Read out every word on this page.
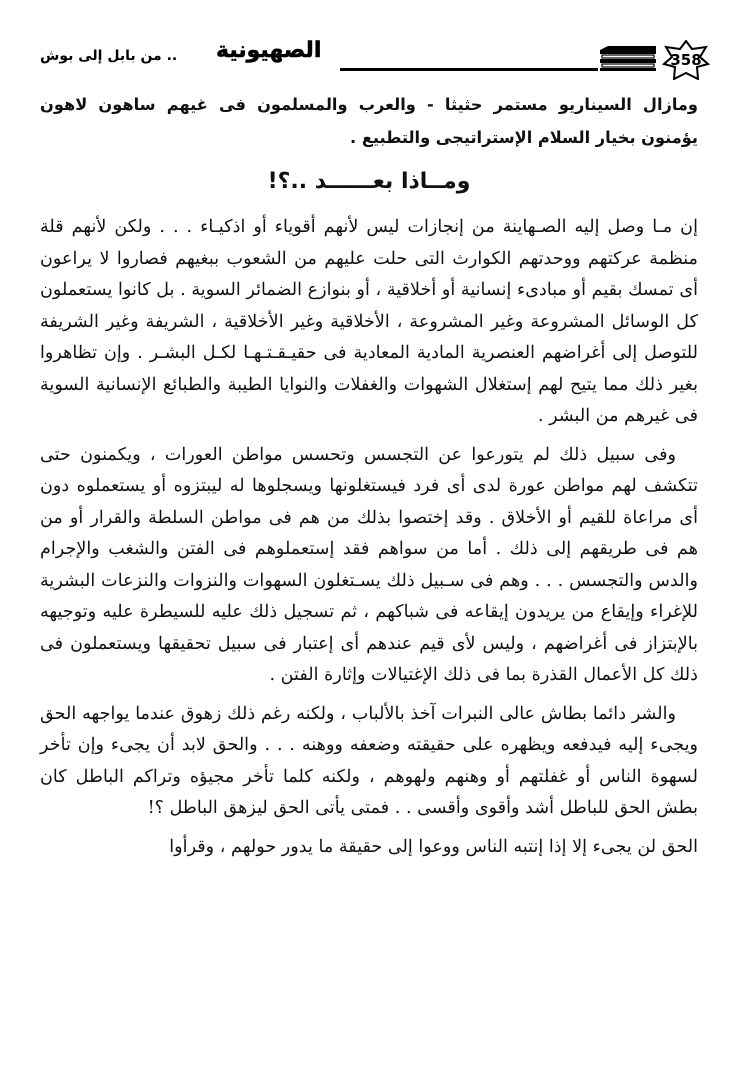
358
الصهيونية
.. من بابل إلى بوش

ومازال السيناريو مستمر حثيثا - والعرب والمسلمون فى غيهم ساهون لاهون يؤمنون بخيار السلام الإستراتيجى والتطبيع .

ومــاذا بعــــــد ..؟!

إن مـا وصل إليه الصـهاينة من إنجازات ليس لأنهم أقوياء أو اذكيـاء . . . ولكن لأنهم قلة منظمة عركتهم ووحدتهم الكوارث التى حلت عليهم من الشعوب ببغيهم فصاروا لا يراعون أى تمسك بقيم أو مبادىء إنسانية أو أخلاقية ، أو بنوازع الضمائر السوية . بل كانوا يستعملون كل الوسائل المشروعة وغير المشروعة ، الأخلاقية وغير الأخلاقية ، الشريفة وغير الشريفة للتوصل إلى أغراضهم العنصرية المادية المعادية فى حقيـقـتـهـا لكـل البشـر . وإن تظاهروا بغير ذلك مما يتيح لهم إستغلال الشهوات والغفلات والنوايا الطيبة والطبائع الإنسانية السوية فى غيرهم من البشر .

وفى سبيل ذلك لم يتورعوا عن التجسس وتحسس مواطن العورات ، ويكمنون حتى تتكشف لهم مواطن عورة لدى أى فرد فيستغلونها ويسجلوها له ليبتزوه أو يستعملوه دون أى مراعاة للقيم أو الأخلاق . وقد إختصوا بذلك من هم فى مواطن السلطة والقرار أو من هم فى طريقهم إلى ذلك . أما من سواهم فقد إستعملوهم فى الفتن والشغب والإجرام والدس والتجسس . . . وهم فى سـبيل ذلك يسـتغلون السهوات والنزوات والنزعات البشرية للإغراء وإيقاع من يريدون إيقاعه فى شباكهم ، ثم تسجيل ذلك عليه للسيطرة عليه وتوجيهه بالإبتزاز فى أغراضهم ، وليس لأى قيم عندهم أى إعتبار فى سبيل تحقيقها ويستعملون فى ذلك كل الأعمال القذرة بما فى ذلك الإغتيالات وإثارة الفتن .

والشر دائما بطاش عالى النبرات آخذ بالألباب ، ولكنه رغم ذلك زهوق عندما يواجهه الحق ويجىء إليه فيدفعه ويظهره على حقيقته وضعفه ووهنه . . . والحق لابد أن يجىء وإن تأخر لسهوة الناس أو غفلتهم أو وهنهم ولهوهم ، ولكنه كلما تأخر مجيؤه وتراكم الباطل كان بطش الحق للباطل أشد وأقوى وأقسى . . فمتى يأتى الحق ليزهق الباطل ؟!

الحق لن يجىء إلا إذا إنتبه الناس ووعوا إلى حقيقة ما يدور حولهم ، وقرأوا
